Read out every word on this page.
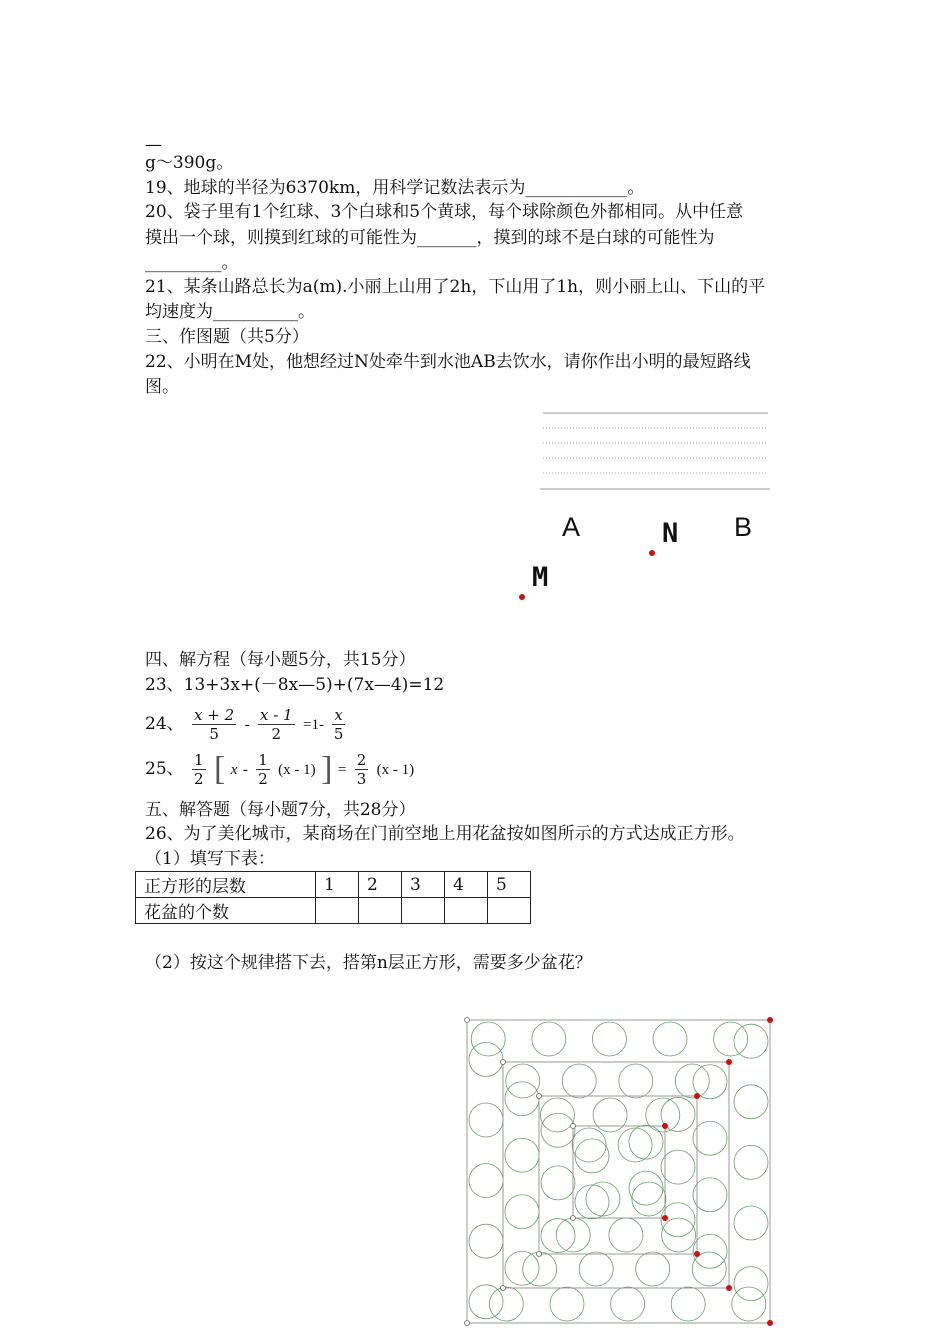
—
g～390g。
19、地球的半径为6370km，用科学记数法表示为____________。
20、袋子里有1个红球、3个白球和5个黄球，每个球除颜色外都相同。从中任意
摸出一个球，则摸到红球的可能性为_______，摸到的球不是白球的可能性为
_________。
21、某条山路总长为a(m).小丽上山用了2h，下山用了1h，则小丽上山、下山的平
均速度为__________。
三、作图题（共5分）
22、小明在M处，他想经过N处牵牛到水池AB去饮水，请你作出小明的最短路线
图。
A	N B
M
四、解方程（每小题5分，共15分）
23、13+3x+(－8x—5)+(7x—4)=12
24、 $\frac{x + 2}{5} - \frac{x - 1}{2} =1- \frac{x}{5}$
25、 $\frac{1}{2}$ [ x - $\frac{1}{2} (x - 1)$ ] = $\frac{2}{3} (x - 1)$
五、解答题（每小题7分，共28分）
26、为了美化城市，某商场在门前空地上用花盆按如图所示的方式达成正方形。
（1）填写下表：
正方形的层数	1	2	3	4	5
花盆的个数					
（2）按这个规律搭下去，搭第n层正方形，需要多少盆花？
